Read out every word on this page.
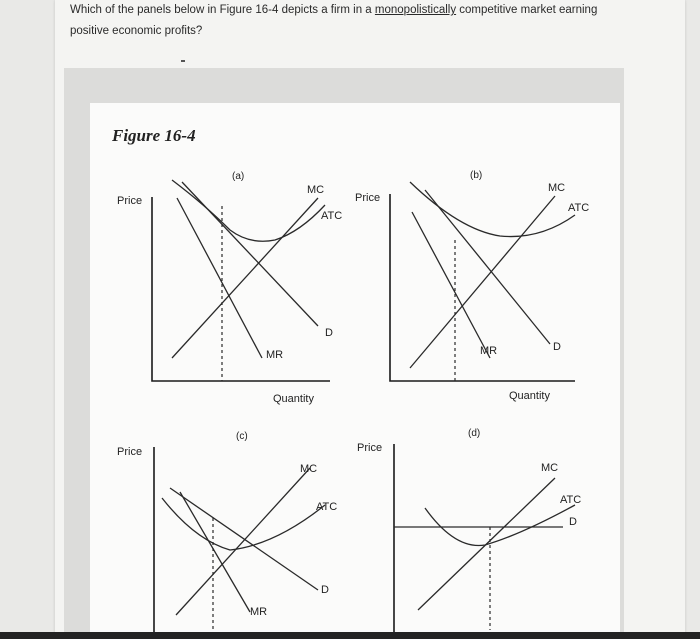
Which of the panels below in Figure 16-4 depicts a firm in a monopolistically competitive market earning positive economic profits?
Figure 16-4
(a)
Price
MC
ATC
D
MR
Quantity
(b)
Price
MC
ATC
D
MR
Quantity
(c)
Price
MC
ATC
D
MR
(d)
Price
MC
ATC
D
